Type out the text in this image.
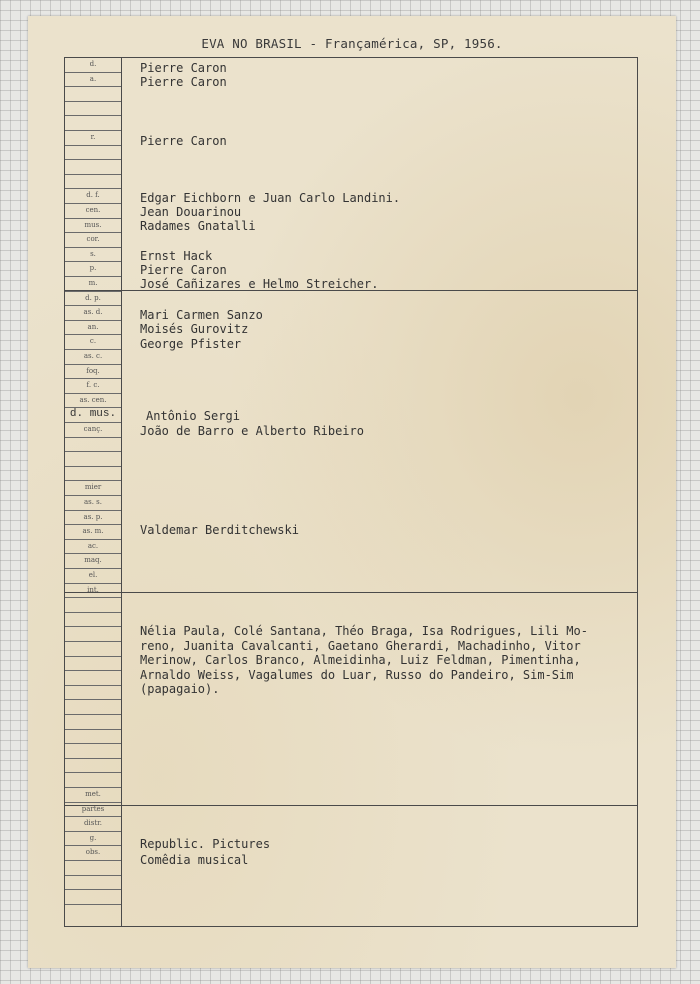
EVA NO BRASIL - Françamérica, SP, 1956.
d.
a.
r.
d. f.
cen.
mus.
cor.
s.
p.
m.
d. p.
as. d.
an.
c.
as. c.
foq.
f. c.
as. cen.
d. mus.
canç.
mier
as. s.
as. p.
as. m.
ac.
maq.
el.
int.
met.
partes
distr.
g.
obs.
Pierre Caron
Pierre Caron
Pierre Caron
Edgar Eichborn e Juan Carlo Landini.
Jean Douarinou
Radames Gnatalli
Ernst Hack
Pierre Caron
José Cañizares e Helmo Streicher.
Mari Carmen Sanzo
Moisés Gurovitz
George Pfister
Antônio Sergi
João de Barro e Alberto Ribeiro
Valdemar Berditchewski
Nélia Paula, Colé Santana, Théo Braga, Isa Rodrigues, Lili Mo-
reno, Juanita Cavalcanti, Gaetano Gherardi, Machadinho, Vitor
Merinow, Carlos Branco, Almeidinha, Luiz Feldman, Pimentinha,
Arnaldo Weiss, Vagalumes do Luar, Russo do Pandeiro, Sim-Sim
(papagaio).
Republic. Pictures
Comêdia musical
